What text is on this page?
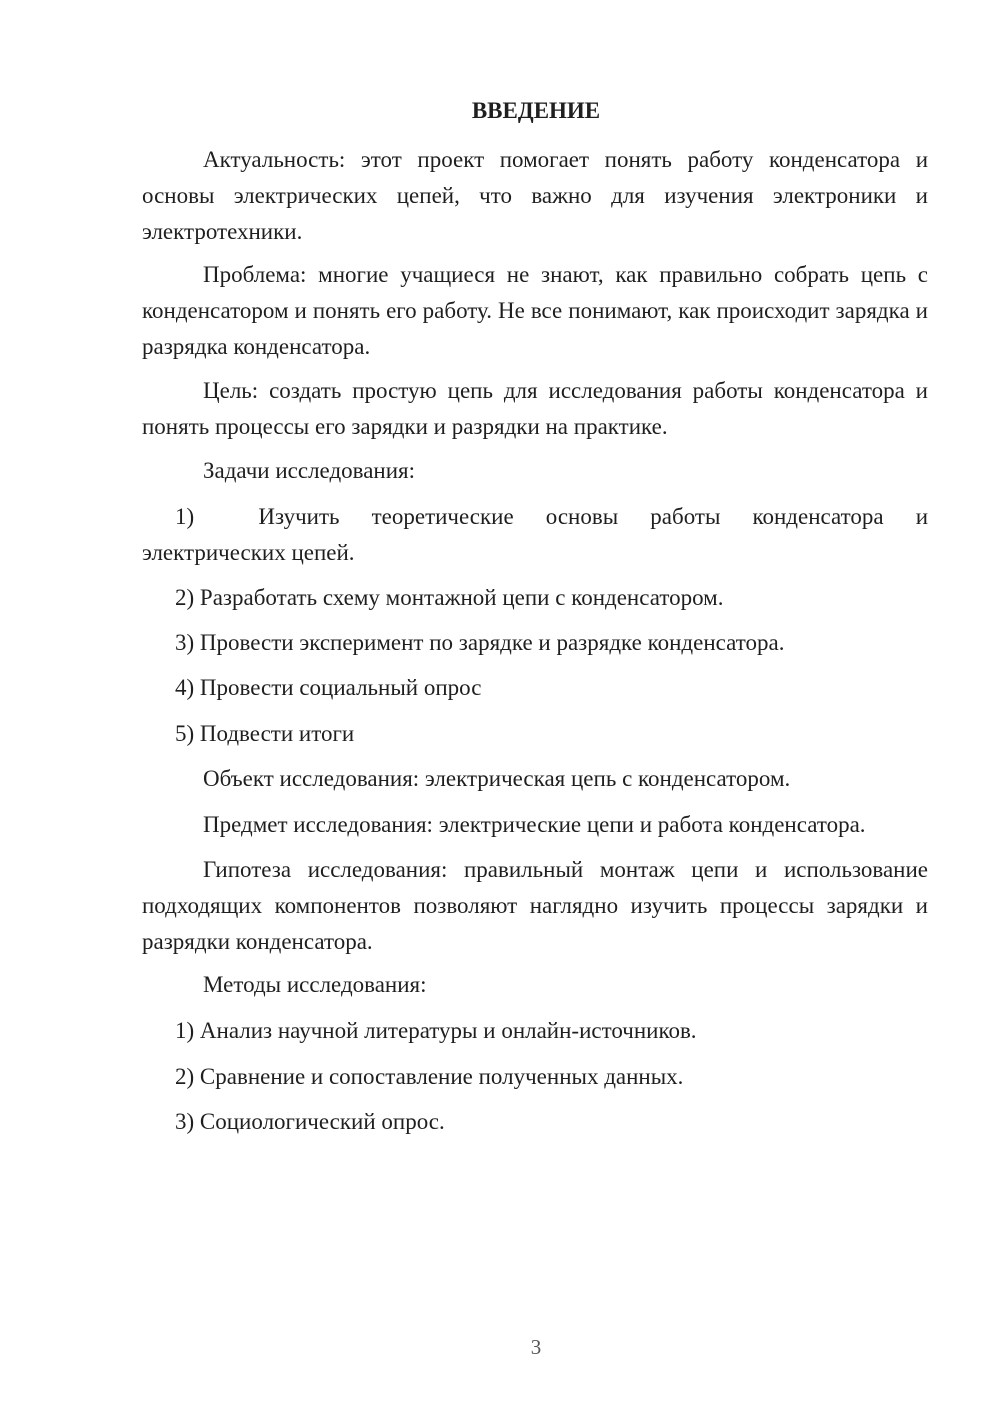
ВВЕДЕНИЕ

Актуальность: этот проект помогает понять работу конденсатора и основы электрических цепей, что важно для изучения электроники и электротехники.

Проблема: многие учащиеся не знают, как правильно собрать цепь с конденсатором и понять его работу. Не все понимают, как происходит зарядка и разрядка конденсатора.

Цель: создать простую цепь для исследования работы конденсатора и понять процессы его зарядки и разрядки на практике.

Задачи исследования:

1)  Изучить теоретические основы работы конденсатора и
электрических цепей.

2) Разработать схему монтажной цепи с конденсатором.

3) Провести эксперимент по зарядке и разрядке конденсатора.

4) Провести социальный опрос

5) Подвести итоги

Объект исследования: электрическая цепь с конденсатором.

Предмет исследования: электрические цепи и работа конденсатора.

Гипотеза исследования: правильный монтаж цепи и использование подходящих компонентов позволяют наглядно изучить процессы зарядки и разрядки конденсатора.

Методы исследования:

1) Анализ научной литературы и онлайн-источников.

2) Сравнение и сопоставление полученных данных.

3) Социологический опрос.

3
